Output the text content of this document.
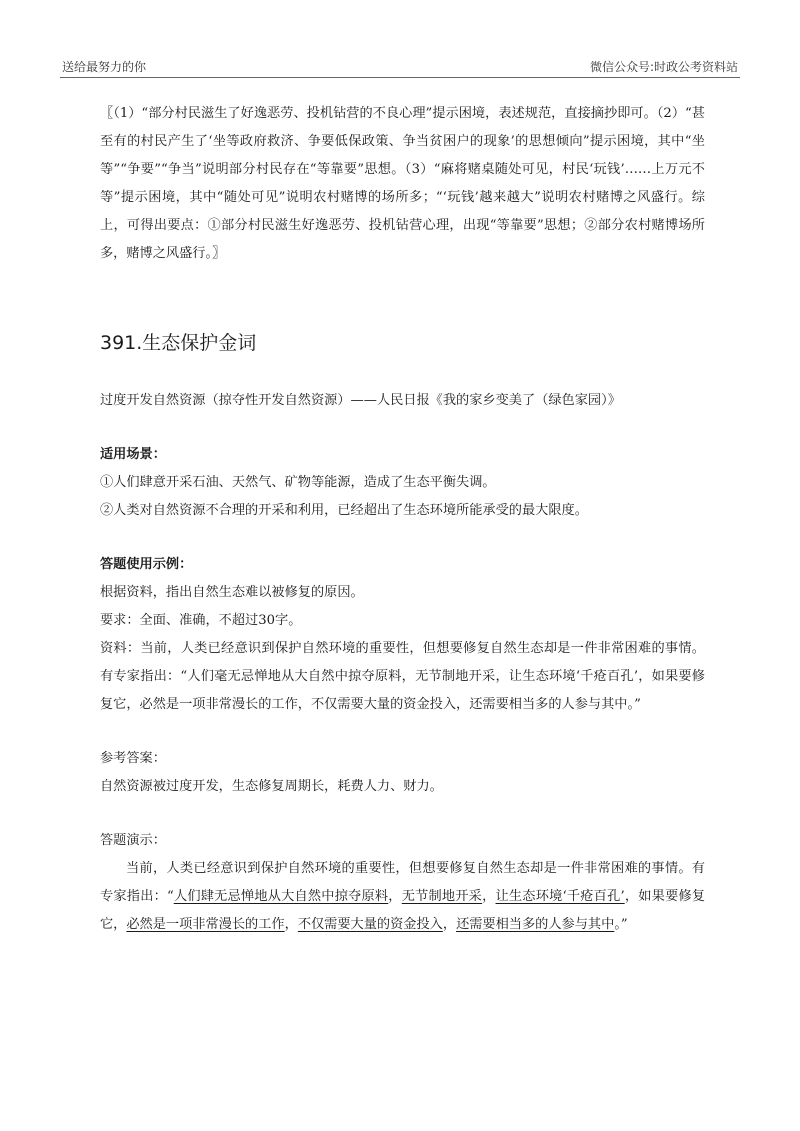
送给最努力的你	微信公众号:时政公考资料站

〖（1）“部分村民滋生了好逸恶劳、投机钻营的不良心理”提示困境，表述规范，直接摘抄即可。（2）“甚至有的村民产生了‘坐等政府救济、争要低保政策、争当贫困户的现象’的思想倾向”提示困境，其中“坐等”“争要”“争当”说明部分村民存在“等靠要”思想。（3）“麻将赌桌随处可见，村民‘玩钱’……上万元不等”提示困境，其中“随处可见”说明农村赌博的场所多；“‘玩钱’越来越大”说明农村赌博之风盛行。综上，可得出要点：①部分村民滋生好逸恶劳、投机钻营心理，出现“等靠要”思想；②部分农村赌博场所多，赌博之风盛行。〗

391.生态保护金词

过度开发自然资源（掠夺性开发自然资源）——人民日报《我的家乡变美了（绿色家园）》

适用场景：

①人们肆意开采石油、天然气、矿物等能源，造成了生态平衡失调。

②人类对自然资源不合理的开采和利用，已经超出了生态环境所能承受的最大限度。

答题使用示例：

根据资料，指出自然生态难以被修复的原因。

要求：全面、准确，不超过30字。

资料：当前，人类已经意识到保护自然环境的重要性，但想要修复自然生态却是一件非常困难的事情。有专家指出：“人们毫无忌惮地从大自然中掠夺原料，无节制地开采，让生态环境‘千疮百孔’，如果要修复它，必然是一项非常漫长的工作，不仅需要大量的资金投入，还需要相当多的人参与其中。”

参考答案：

自然资源被过度开发，生态修复周期长，耗费人力、财力。

答题演示：

当前，人类已经意识到保护自然环境的重要性，但想要修复自然生态却是一件非常困难的事情。有专家指出：“人们肆无忌惮地从大自然中掠夺原料，无节制地开采，让生态环境‘千疮百孔’，如果要修复它，必然是一项非常漫长的工作，不仅需要大量的资金投入，还需要相当多的人参与其中。”
